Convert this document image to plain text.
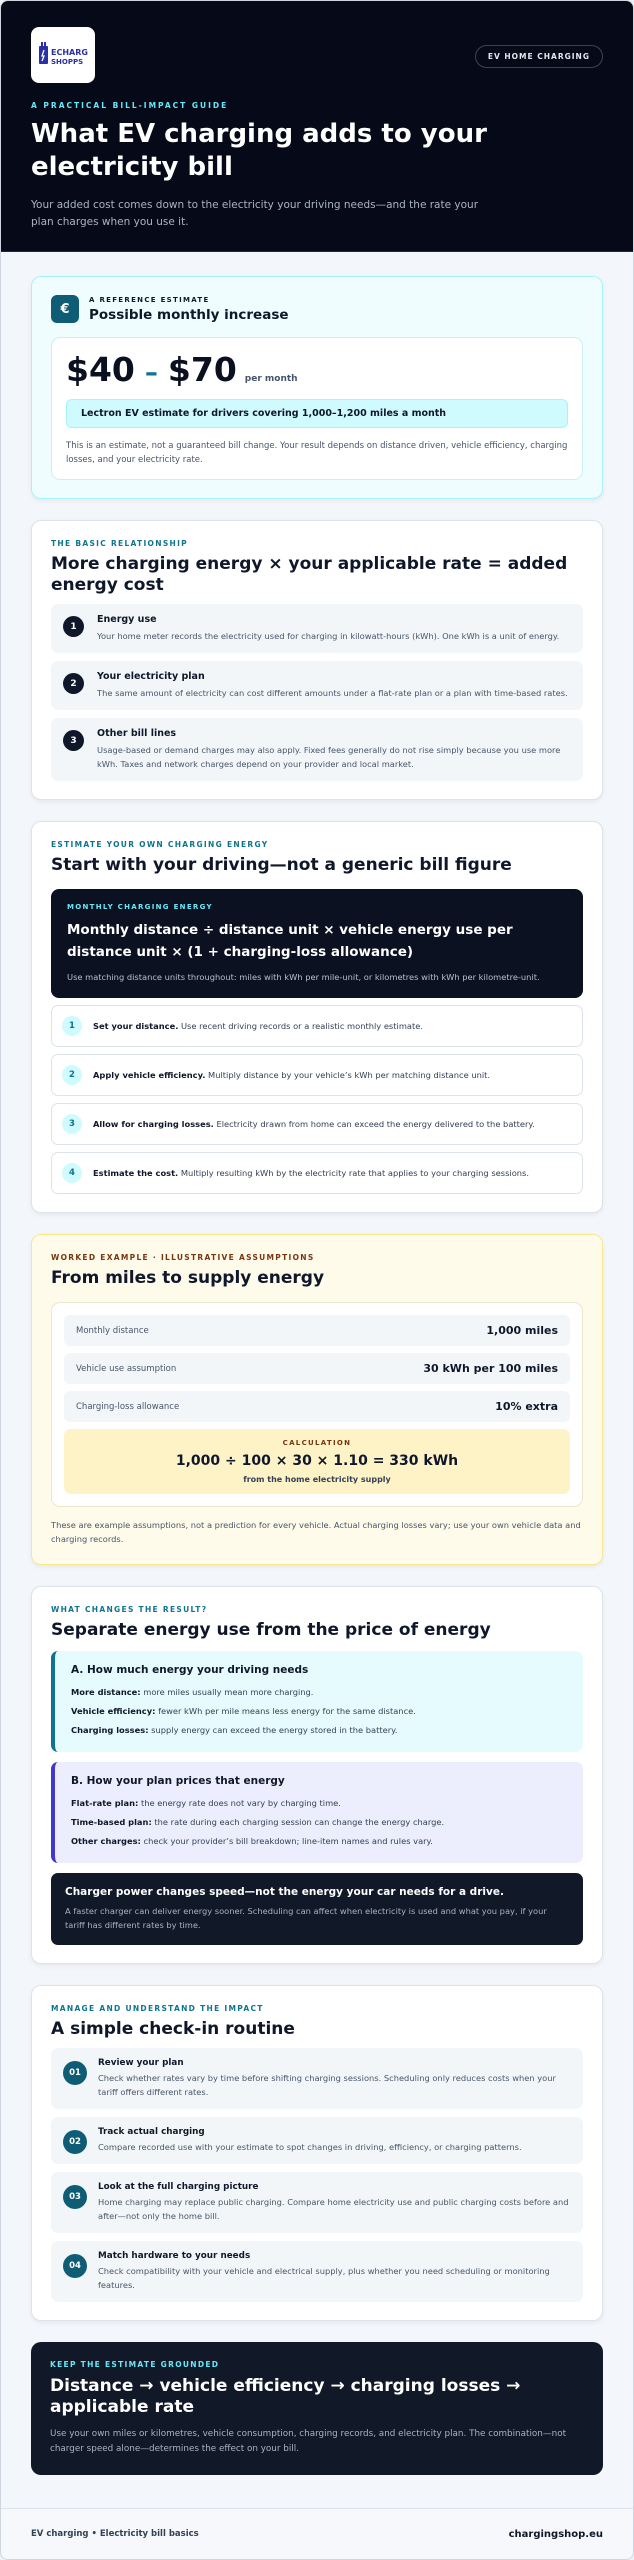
ECHARG
SHOPPS
EV HOME CHARGING
A PRACTICAL BILL-IMPACT GUIDE
What EV charging adds to your electricity bill

Your added cost comes down to the electricity your driving needs—and the rate your plan charges when you use it.

€
A REFERENCE ESTIMATE
Possible monthly increase
$40 – $70 per month
Lectron EV estimate for drivers covering 1,000–1,200 miles a month

This is an estimate, not a guaranteed bill change. Your result depends on distance driven, vehicle efficiency, charging losses, and your electricity rate.

THE BASIC RELATIONSHIP
More charging energy × your applicable rate = added energy cost
1
Energy use
Your home meter records the electricity used for charging in kilowatt-hours (kWh). One kWh is a unit of energy.
2
Your electricity plan
The same amount of electricity can cost different amounts under a flat-rate plan or a plan with time-based rates.
3
Other bill lines
Usage-based or demand charges may also apply. Fixed fees generally do not rise simply because you use more kWh. Taxes and network charges depend on your provider and local market.
ESTIMATE YOUR OWN CHARGING ENERGY
Start with your driving—not a generic bill figure
MONTHLY CHARGING ENERGY
Monthly distance ÷ distance unit × vehicle energy use per distance unit × (1 + charging-loss allowance)
Use matching distance units throughout: miles with kWh per mile-unit, or kilometres with kWh per kilometre-unit.
1	Set your distance. Use recent driving records or a realistic monthly estimate.
2	Apply vehicle efficiency. Multiply distance by your vehicle’s kWh per matching distance unit.
3	Allow for charging losses. Electricity drawn from home can exceed the energy delivered to the battery.
4	Estimate the cost. Multiply resulting kWh by the electricity rate that applies to your charging sessions.
WORKED EXAMPLE · ILLUSTRATIVE ASSUMPTIONS
From miles to supply energy
Monthly distance	1,000 miles
Vehicle use assumption	30 kWh per 100 miles
Charging-loss allowance	10% extra
CALCULATION
1,000 ÷ 100 × 30 × 1.10 = 330 kWh
from the home electricity supply

These are example assumptions, not a prediction for every vehicle. Actual charging losses vary; use your own vehicle data and charging records.

WHAT CHANGES THE RESULT?
Separate energy use from the price of energy
A. How much energy your driving needs
More distance: more miles usually mean more charging.
Vehicle efficiency: fewer kWh per mile means less energy for the same distance.
Charging losses: supply energy can exceed the energy stored in the battery.
B. How your plan prices that energy
Flat-rate plan: the energy rate does not vary by charging time.
Time-based plan: the rate during each charging session can change the energy charge.
Other charges: check your provider’s bill breakdown; line-item names and rules vary.
Charger power changes speed—not the energy your car needs for a drive.
A faster charger can deliver energy sooner. Scheduling can affect when electricity is used and what you pay, if your tariff has different rates by time.
MANAGE AND UNDERSTAND THE IMPACT
A simple check-in routine
01
Review your plan
Check whether rates vary by time before shifting charging sessions. Scheduling only reduces costs when your tariff offers different rates.
02
Track actual charging
Compare recorded use with your estimate to spot changes in driving, efficiency, or charging patterns.
03
Look at the full charging picture
Home charging may replace public charging. Compare home electricity use and public charging costs before and after—not only the home bill.
04
Match hardware to your needs
Check compatibility with your vehicle and electrical supply, plus whether you need scheduling or monitoring features.
KEEP THE ESTIMATE GROUNDED
Distance → vehicle efficiency → charging losses → applicable rate
Use your own miles or kilometres, vehicle consumption, charging records, and electricity plan. The combination—not charger speed alone—determines the effect on your bill.
EV charging • Electricity bill basics	chargingshop.eu
